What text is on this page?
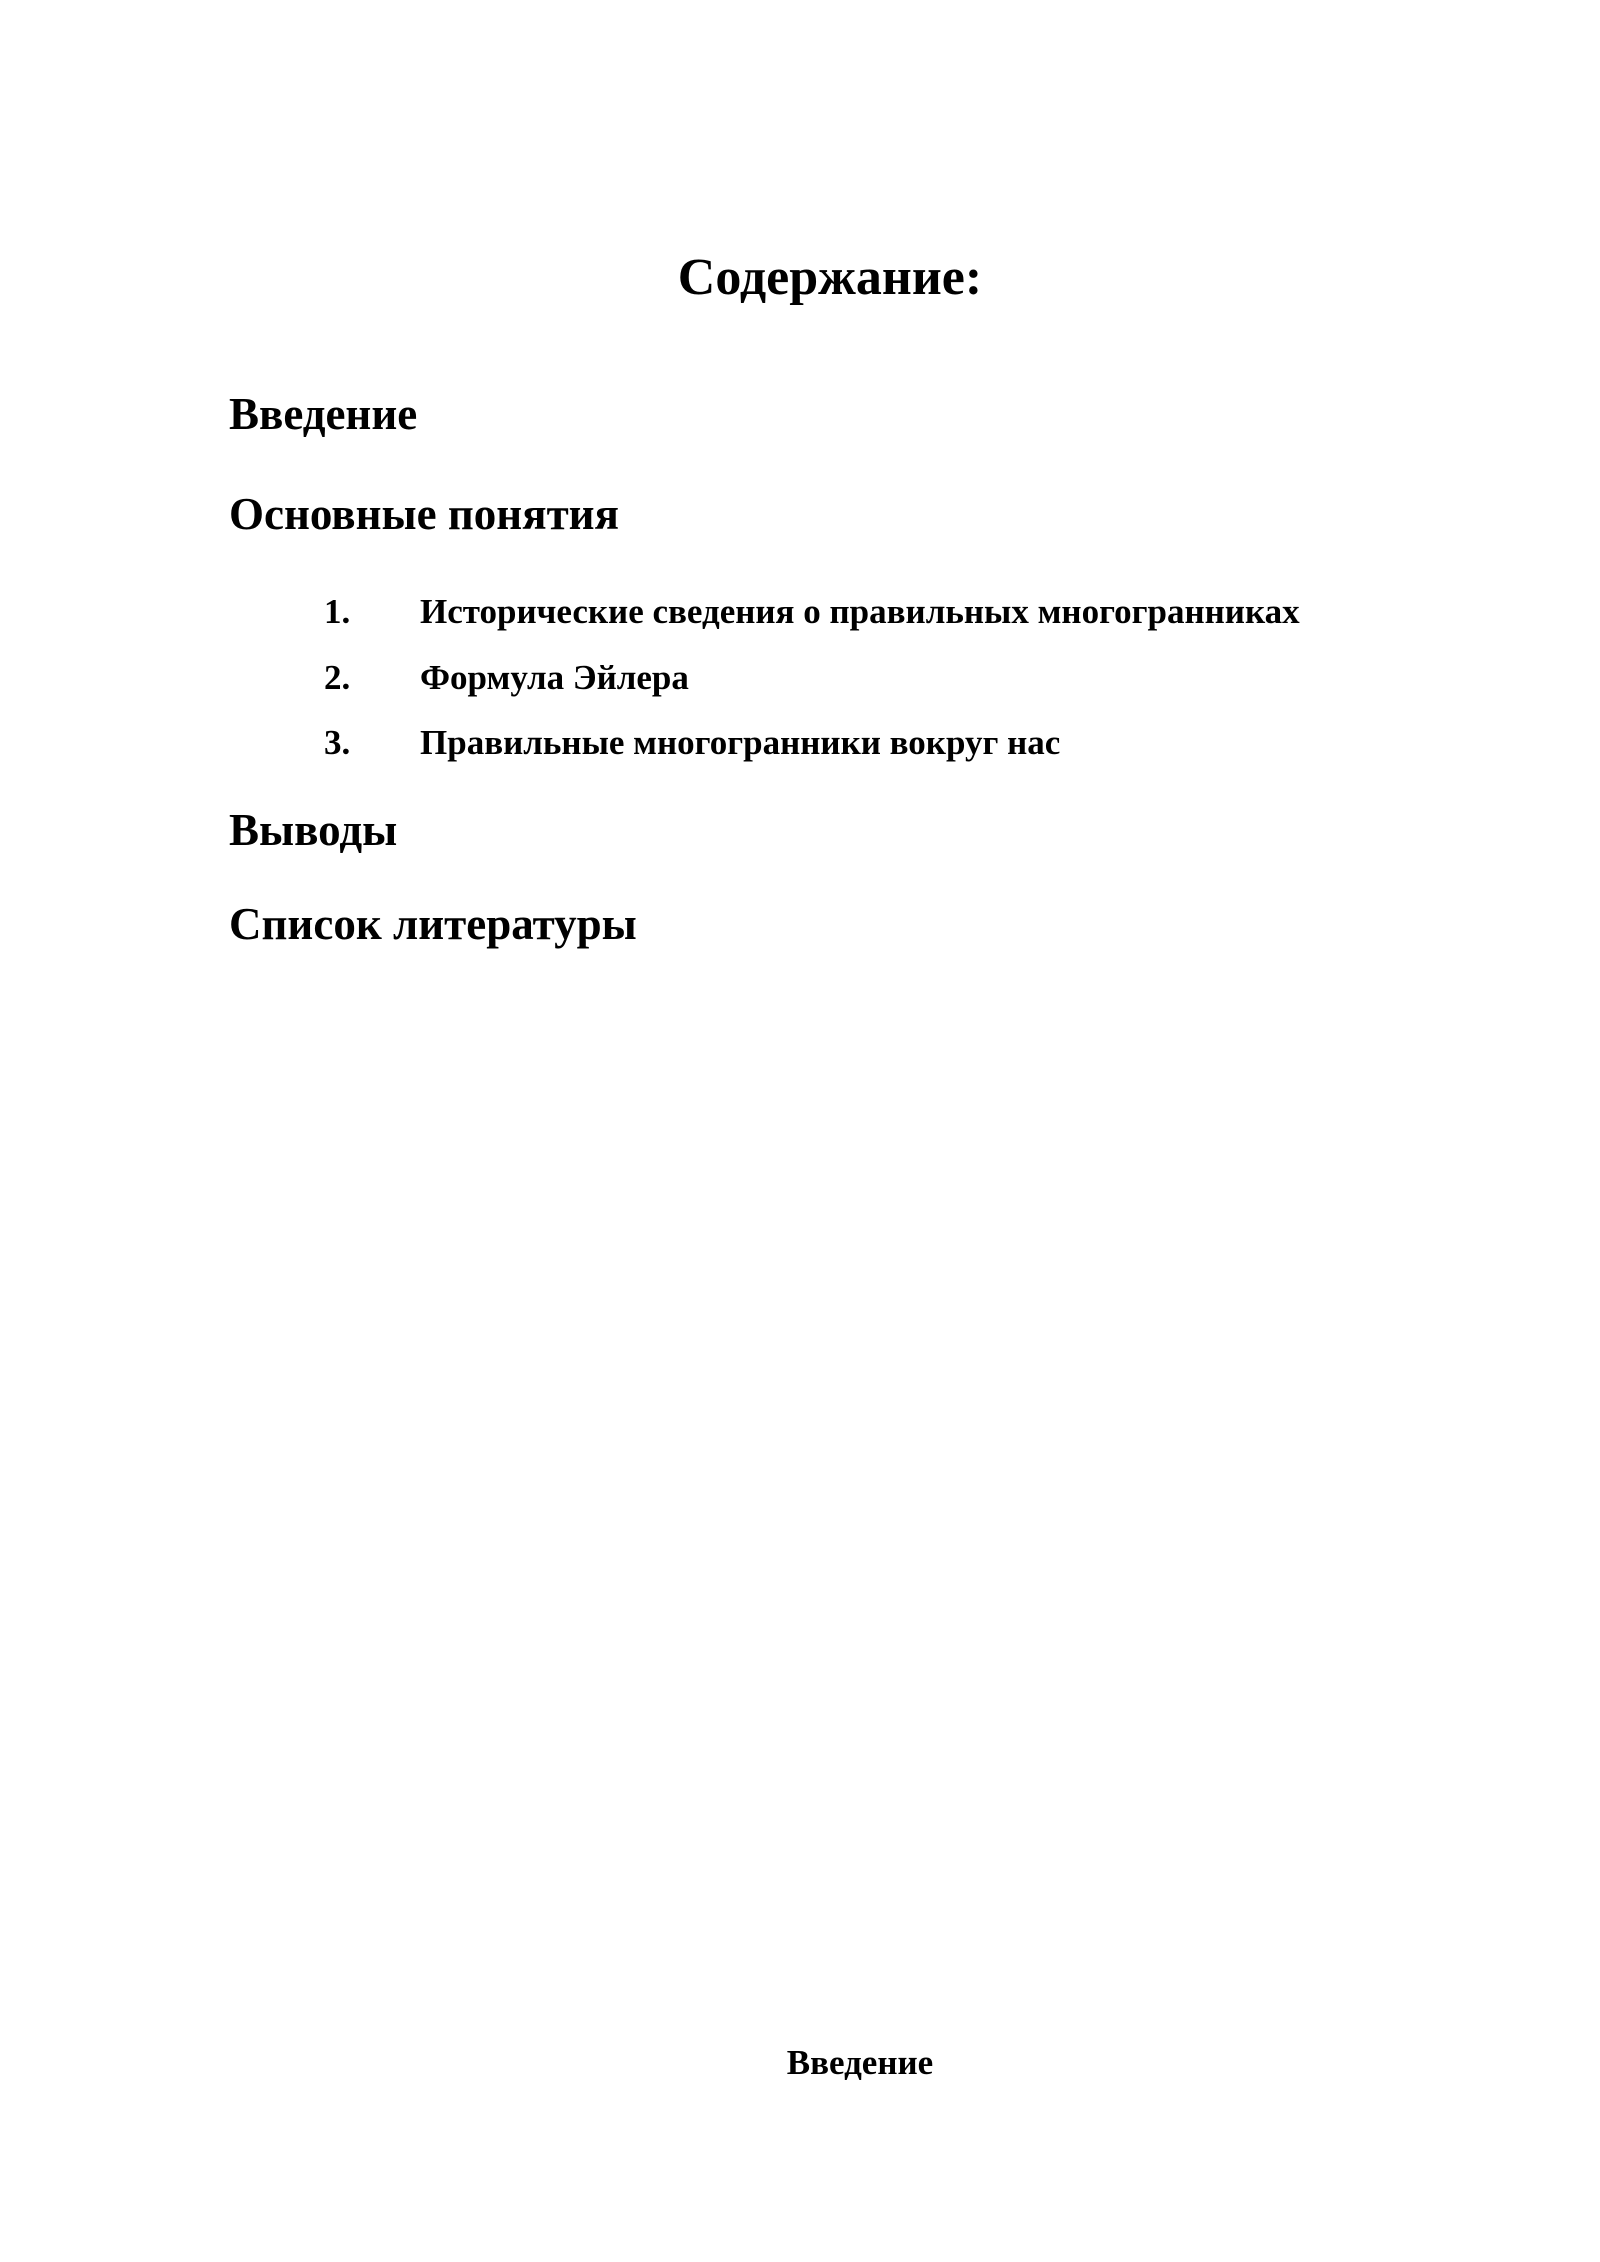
Содержание:
Введение
Основные понятия
1. Исторические сведения о правильных многогранниках
2. Формула Эйлера
3. Правильные многогранники вокруг нас
Выводы
Список литературы
Введение
